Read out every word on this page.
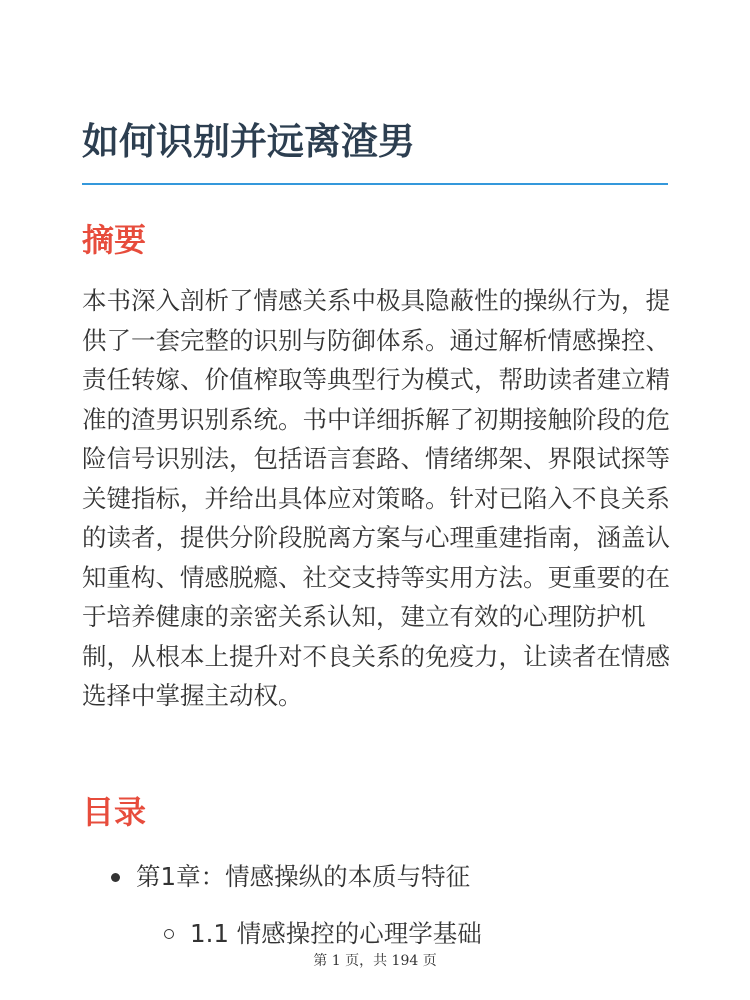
如何识别并远离渣男
摘要

本书深入剖析了情感关系中极具隐蔽性的操纵行为，提供了一套完整的识别与防御体系。通过解析情感操控、责任转嫁、价值榨取等典型行为模式，帮助读者建立精准的渣男识别系统。书中详细拆解了初期接触阶段的危险信号识别法，包括语言套路、情绪绑架、界限试探等关键指标，并给出具体应对策略。针对已陷入不良关系的读者，提供分阶段脱离方案与心理重建指南，涵盖认知重构、情感脱瘾、社交支持等实用方法。更重要的在于培养健康的亲密关系认知，建立有效的心理防护机制，从根本上提升对不良关系的免疫力，让读者在情感选择中掌握主动权。

目录
第1章：情感操纵的本质与特征
1.1 情感操控的心理学基础
第 1 页，共 194 页
